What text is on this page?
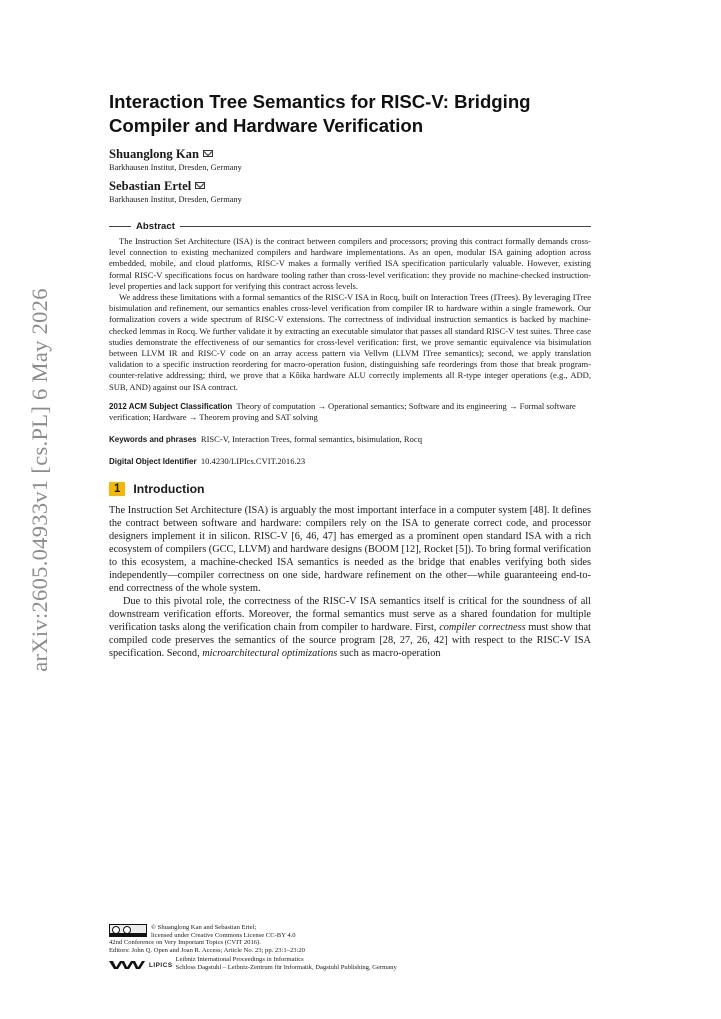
arXiv:2605.04933v1 [cs.PL] 6 May 2026
Interaction Tree Semantics for RISC-V: Bridging Compiler and Hardware Verification
Shuanglong Kan
Barkhausen Institut, Dresden, Germany
Sebastian Ertel
Barkhausen Institut, Dresden, Germany
Abstract

The Instruction Set Architecture (ISA) is the contract between compilers and processors; proving this contract formally demands cross-level connection to existing mechanized compilers and hardware implementations. As an open, modular ISA gaining adoption across embedded, mobile, and cloud platforms, RISC-V makes a formally verified ISA specification particularly valuable. However, existing formal RISC-V specifications focus on hardware tooling rather than cross-level verification: they provide no machine-checked instruction-level properties and lack support for verifying this contract across levels.

We address these limitations with a formal semantics of the RISC-V ISA in Rocq, built on Interaction Trees (ITrees). By leveraging ITree bisimulation and refinement, our semantics enables cross-level verification from compiler IR to hardware within a single framework. Our formalization covers a wide spectrum of RISC-V extensions. The correctness of individual instruction semantics is backed by machine-checked lemmas in Rocq. We further validate it by extracting an executable simulator that passes all standard RISC-V test suites. Three case studies demonstrate the effectiveness of our semantics for cross-level verification: first, we prove semantic equivalence via bisimulation between LLVM IR and RISC-V code on an array access pattern via Vellvm (LLVM ITree semantics); second, we apply translation validation to a specific instruction reordering for macro-operation fusion, distinguishing safe reorderings from those that break program-counter-relative addressing; third, we prove that a Kôika hardware ALU correctly implements all R-type integer operations (e.g., ADD, SUB, AND) against our ISA contract.

2012 ACM Subject Classification Theory of computation → Operational semantics; Software and its engineering → Formal software verification; Hardware → Theorem proving and SAT solving
Keywords and phrases RISC-V, Interaction Trees, formal semantics, bisimulation, Rocq
Digital Object Identifier 10.4230/LIPIcs.CVIT.2016.23
1	Introduction

The Instruction Set Architecture (ISA) is arguably the most important interface in a computer system [48]. It defines the contract between software and hardware: compilers rely on the ISA to generate correct code, and processor designers implement it in silicon. RISC-V [6, 46, 47] has emerged as a prominent open standard ISA with a rich ecosystem of compilers (GCC, LLVM) and hardware designs (BOOM [12], Rocket [5]). To bring formal verification to this ecosystem, a machine-checked ISA semantics is needed as the bridge that enables verifying both sides independently—compiler correctness on one side, hardware refinement on the other—while guaranteeing end-to-end correctness of the whole system.

Due to this pivotal role, the correctness of the RISC-V ISA semantics itself is critical for the soundness of all downstream verification efforts. Moreover, the formal semantics must serve as a shared foundation for multiple verification tasks along the verification chain from compiler to hardware. First, compiler correctness must show that compiled code preserves the semantics of the source program [28, 27, 26, 42] with respect to the RISC-V ISA specification. Second, microarchitectural optimizations such as macro-operation

© Shuanglong Kan and Sebastian Ertel;
licensed under Creative Commons License CC-BY 4.0
42nd Conference on Very Important Topics (CVIT 2016).
Editors: John Q. Open and Joan R. Access; Article No. 23; pp. 23:1–23:20
LIPICS
Leibniz International Proceedings in Informatics
Schloss Dagstuhl – Leibniz-Zentrum für Informatik, Dagstuhl Publishing, Germany
